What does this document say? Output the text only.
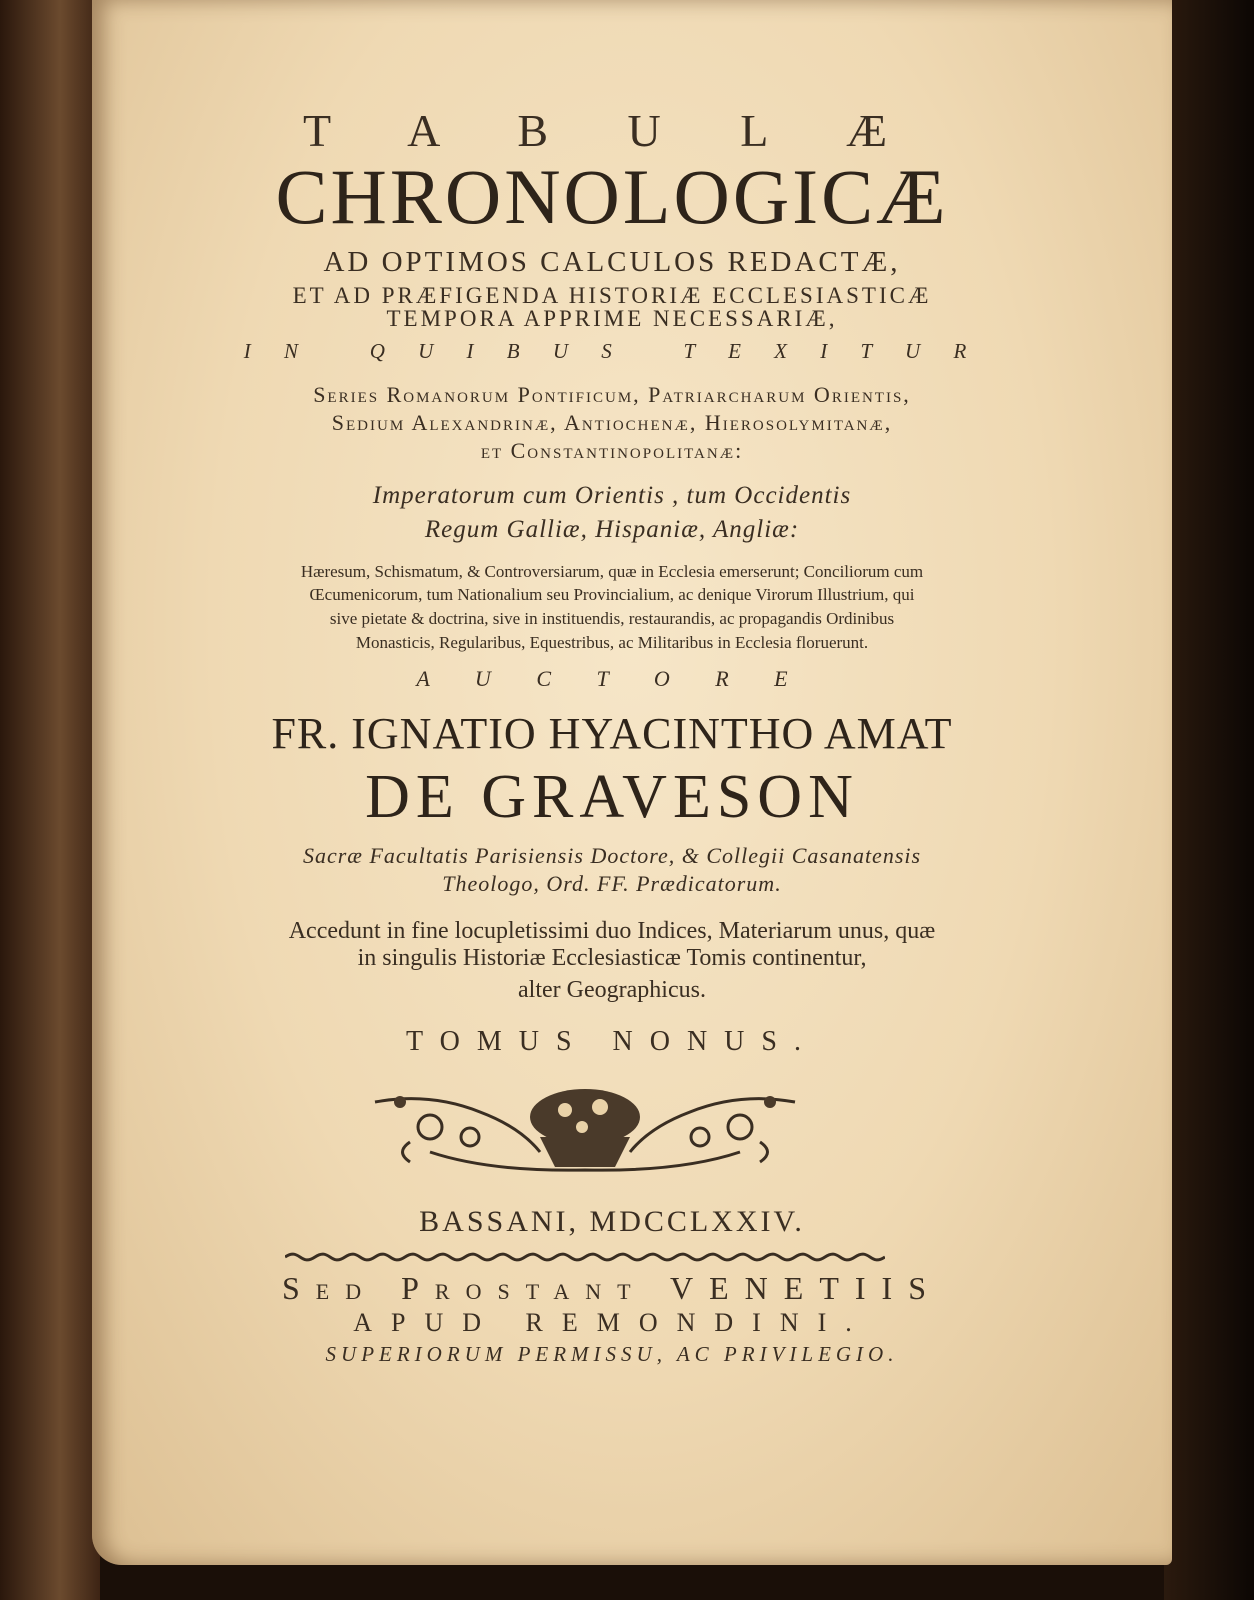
T A B U L Æ
CHRONOLOGICÆ
AD OPTIMOS CALCULOS REDACTÆ,
ET AD PRÆFIGENDA HISTORIÆ ECCLESIASTICÆ
TEMPORA APPRIME NECESSARIÆ,
I N   Q U I B U S   T E X I T U R
Series Romanorum Pontificum, Patriarcharum Orientis,
Sedium Alexandrinæ, Antiochenæ, Hierosolymitanæ,
et Constantinopolitanæ:
Imperatorum cum Orientis , tum Occidentis
Regum Galliæ, Hispaniæ, Angliæ:
Hæresum, Schismatum, & Controversiarum, quæ in Ecclesia emerserunt; Conciliorum cum
Œcumenicorum, tum Nationalium seu Provincialium, ac denique Virorum Illustrium, qui
sive pietate & doctrina, sive in instituendis, restaurandis, ac propagandis Ordinibus
Monasticis, Regularibus, Equestribus, ac Militaribus in Ecclesia floruerunt.
A U C T O R E
FR. IGNATIO HYACINTHO AMAT
DE GRAVESON
Sacræ Facultatis Parisiensis Doctore, & Collegii Casanatensis
Theologo, Ord. FF. Prædicatorum.
Accedunt in fine locupletissimi duo Indices, Materiarum unus, quæ
in singulis Historiæ Ecclesiasticæ Tomis continentur,
alter Geographicus.
TOMUS NONUS.
BASSANI, MDCCLXXIV.
Sed Prostant VENETIIS
APUD REMONDINI.
SUPERIORUM PERMISSU, AC PRIVILEGIO.
